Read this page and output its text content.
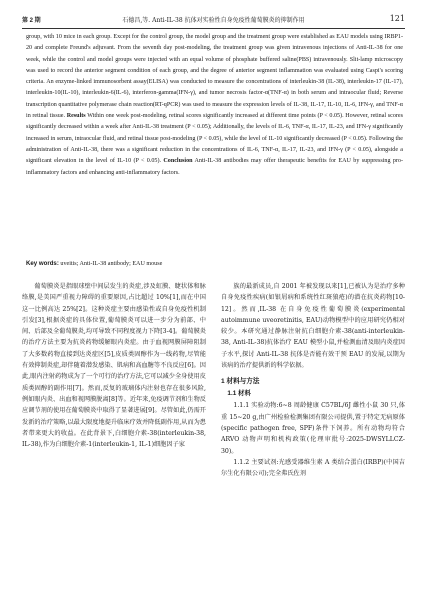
第 2 期	石德昌,等. Anti-IL-38 抗体对实验性自身免疫性葡萄膜炎的抑制作用	121
group, with 10 mice in each group. Except for the control group, the model group and the treatment group were established as EAU models using IRBP1-20 and complete Freund's adjuvant. From the seventh day post-modeling, the treatment group was given intravenous injections of Anti-IL-38 for one week, while the control and model groups were injected with an equal volume of phosphate buffered saline(PBS) intravenously. Slit-lamp microscopy was used to record the anterior segment condition of each group, and the degree of anterior segment inflammation was evaluated using Caspi's scoring criteria. An enzyme-linked immunosorbent assay(ELISA) was conducted to measure the concentrations of interleukin-38 (IL-38), interleukin-17 (IL-17), interleukin-10(IL-10), interleukin-6(IL-6), interferon-gamma(IFN-γ), and tumor necrosis factor-α(TNF-α) in both serum and intraocular fluid; Reverse transcription quantitative polymerase chain reaction(RT-qPCR) was used to measure the expression levels of IL-38, IL-17, IL-10, IL-6, IFN-γ, and TNF-α in retinal tissue. Results Within one week post-modeling, retinal scores significantly increased at different time points (P < 0.05). However, retinal scores significantly decreased within a week after Anti-IL-38 treatment (P < 0.05); Additionally, the levels of IL-6, TNF-α, IL-17, IL-23, and IFN-γ significantly increased in serum, intraocular fluid, and retinal tissue post-modeling (P < 0.05), while the level of IL-10 significantly decreased (P < 0.05). Following the administration of Anti-IL-38, there was a significant reduction in the concentrations of IL-6, TNF-α, IL-17, IL-23, and IFN-γ (P < 0.05), alongside a significant elevation in the level of IL-10 (P < 0.05). Conclusion Anti-IL-38 antibodies may offer therapeutic benefits for EAU by suppressing pro-inflammatory factors and enhancing anti-inflammatory factors.
Key words: uveitis; Anti-IL-38 antibody; EAU mouse

葡萄膜炎是指眼球壁中间层发生的炎症,涉及虹膜、睫状体和脉络膜,是美国严重视力障碍的重要原因,占比超过 10%[1],而在中国这一比例高达 25%[2]。这种炎症主要由感染性或自身免疫性机制引发[3],根据炎症的具体位置,葡萄膜炎可以进一步分为前部、中间、后部及全葡萄膜炎,均可导致不同程度视力下降[3-4]。葡萄膜炎的治疗方法主要为抗炎药物缓解眼内炎症。由于血视网膜屏障阻制了大多数药物直接到达炎症区[5],皮质类固醇作为一线药物,尽管能有效抑制炎症,却伴随着潜发感染、肌病和高血糖等不良反应[6]。因此,眼内注射药物成为了一个可行的治疗方法,它可以减少全身使用皮质类固醇的副作用[7]。然而,反复的玻璃体内注射也存在很多风险,例如眼内炎、出血和视网膜脱离[8]等。近年来,免疫调节剂和生物反应调节剂的使用在葡萄膜炎中取得了显著进展[9]。尽管如此,仍需开发新的治疗策略,以最大限度地提升临床疗效并降低副作用,从而为患者带来更大的收益。在此背景下,白细胞介素-38(interleukin-38, IL-38),作为白细胞介素-1(interleukin-1, IL-1)细胞因子家

族的最新成员,自 2001 年被发现以来[1],已被认为是治疗多种自身免疫性疾病(如银屑病和系统性红斑狼疮)的潜在抗炎药物[10-12]。然而,IL-38 在自身免疫性葡萄膜炎(experimental autoimmune uveoretinitis, EAU)动物模型中的应用研究仍相对较少。本研究通过静脉注射抗白细胞介素-38(anti-interleukin-38, Anti-IL-38)抗体治疗 EAU 模型小鼠,并检测血清及眼内炎症因子水平,探讨 Anti-IL-38 抗体是否能有效干预 EAU 的发展,以期为该病的治疗提供新的科学依据。

1 材料与方法
1.1 材料

1.1.1 实验动物:6~8 周龄健康 C57BL/6J 雌性小鼠 30 只,体重 15~20 g,由广州检验检测集团有限公司提供,置于特定无病原体(specific pathogen free, SPF)条件下饲养。所有动物均符合 ARVO 动物声明和机构政策(伦理审批号:2025-DWSYLLCZ-30)。

1.1.2 主要试剂:光感受器维生素 A 类结合蛋白(IRBP)(中国吉尔生化有限公司);完全弗氏佐剂
